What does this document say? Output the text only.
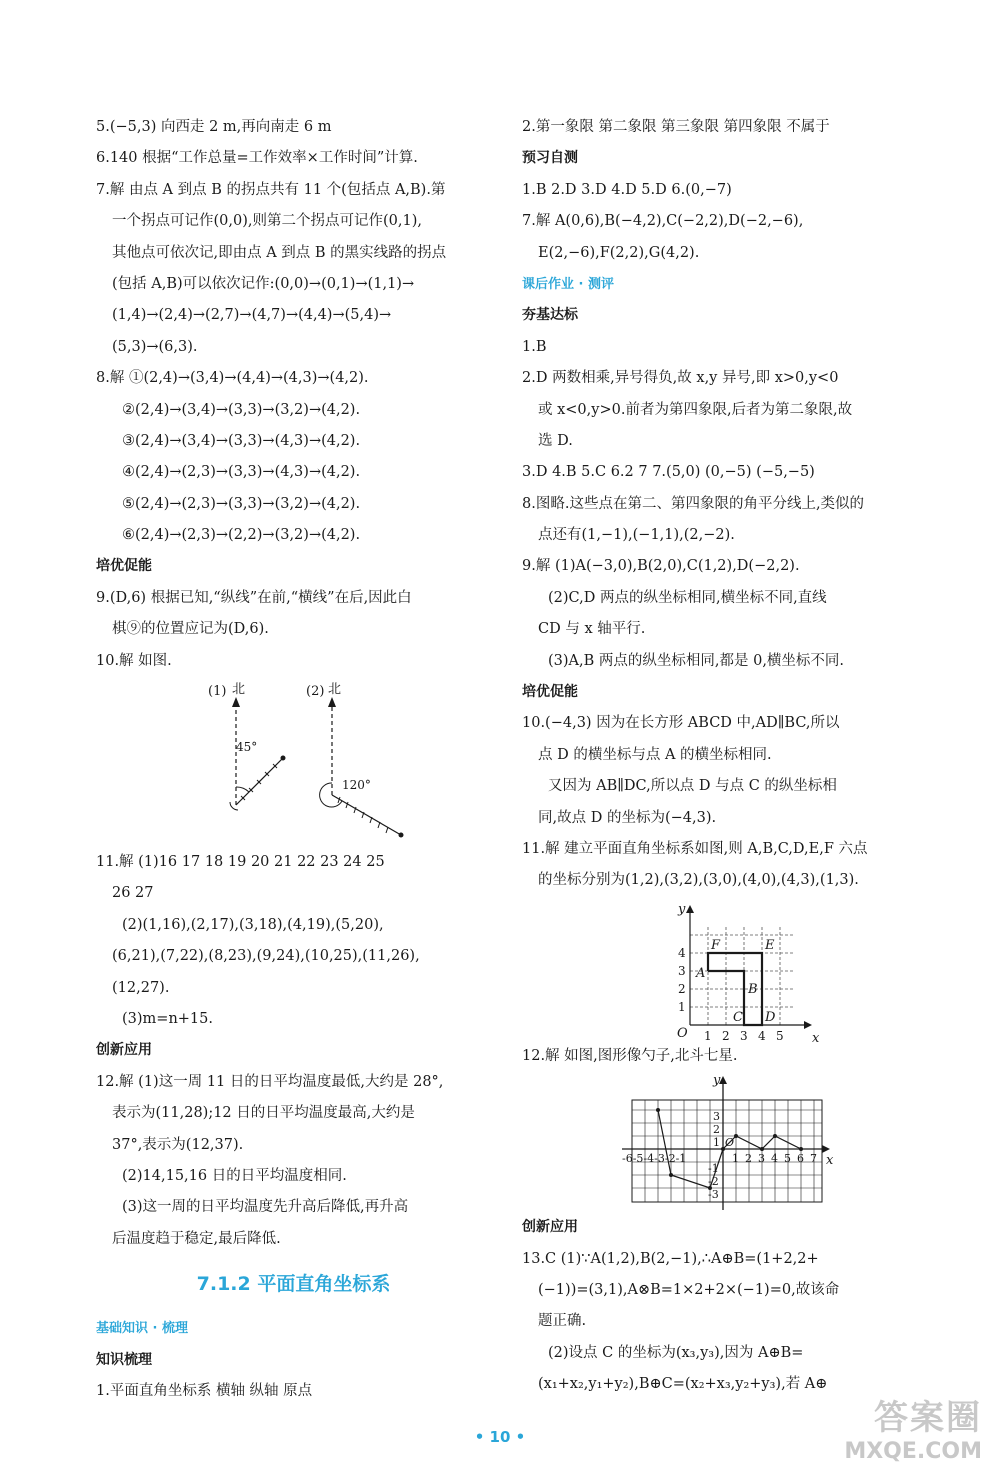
5.(−5,3) 向西走 2 m,再向南走 6 m
6.140 根据“工作总量=工作效率×工作时间”计算.
7.解 由点 A 到点 B 的拐点共有 11 个(包括点 A,B).第
一个拐点可记作(0,0),则第二个拐点可记作(0,1),
其他点可依次记,即由点 A 到点 B 的黑实线路的拐点
(包括 A,B)可以依次记作:(0,0)→(0,1)→(1,1)→
(1,4)→(2,4)→(2,7)→(4,7)→(4,4)→(5,4)→
(5,3)→(6,3).
8.解 ①(2,4)→(3,4)→(4,4)→(4,3)→(4,2).
②(2,4)→(3,4)→(3,3)→(3,2)→(4,2).
③(2,4)→(3,4)→(3,3)→(4,3)→(4,2).
④(2,4)→(2,3)→(3,3)→(4,3)→(4,2).
⑤(2,4)→(2,3)→(3,3)→(3,2)→(4,2).
⑥(2,4)→(2,3)→(2,2)→(3,2)→(4,2).
培优促能
9.(D,6) 根据已知,“纵线”在前,“横线”在后,因此白
棋⑨的位置应记为(D,6).
10.解 如图.
(1) 北
45°
(2) 北
120°
11.解 (1)16 17 18 19 20 21 22 23 24 25
26 27
(2)(1,16),(2,17),(3,18),(4,19),(5,20),
(6,21),(7,22),(8,23),(9,24),(10,25),(11,26),
(12,27).
(3)m=n+15.
创新应用
12.解 (1)这一周 11 日的日平均温度最低,大约是 28°,
表示为(11,28);12 日的日平均温度最高,大约是
37°,表示为(12,37).
(2)14,15,16 日的日平均温度相同.
(3)这一周的日平均温度先升高后降低,再升高
后温度趋于稳定,最后降低.
7.1.2 平面直角坐标系
基础知识 · 梳理
知识梳理
1.平面直角坐标系 横轴 纵轴 原点
2.第一象限 第二象限 第三象限 第四象限 不属于
预习自测
1.B 2.D 3.D 4.D 5.D 6.(0,−7)
7.解 A(0,6),B(−4,2),C(−2,2),D(−2,−6),
E(2,−6),F(2,2),G(4,2).
课后作业 · 测评
夯基达标
1.B
2.D 两数相乘,异号得负,故 x,y 异号,即 x>0,y<0
或 x<0,y>0.前者为第四象限,后者为第二象限,故
选 D.
3.D 4.B 5.C 6.2 7 7.(5,0) (0,−5) (−5,−5)
8.图略.这些点在第二、第四象限的角平分线上,类似的
点还有(1,−1),(−1,1),(2,−2).
9.解 (1)A(−3,0),B(2,0),C(1,2),D(−2,2).
(2)C,D 两点的纵坐标相同,横坐标不同,直线
CD 与 x 轴平行.
(3)A,B 两点的纵坐标相同,都是 0,横坐标不同.
培优促能
10.(−4,3) 因为在长方形 ABCD 中,AD∥BC,所以
点 D 的横坐标与点 A 的横坐标相同.
又因为 AB∥DC,所以点 D 与点 C 的纵坐标相
同,故点 D 的坐标为(−4,3).
11.解 建立平面直角坐标系如图,则 A,B,C,D,E,F 六点
的坐标分别为(1,2),(3,2),(3,0),(4,0),(4,3),(1,3).
y
x
O
A
B
C D
E
F
1
2
3
4
1 2 3 4 5
12.解 如图,图形像勺子,北斗七星.
y
x
O
-6-5-4-3-2-1	1 2 3 4 5 6 7
1
2
3
-1
-2
-3
创新应用
13.C (1)∵A(1,2),B(2,−1),∴A⊕B=(1+2,2+
(−1))=(3,1),A⊗B=1×2+2×(−1)=0,故该命
题正确.
(2)设点 C 的坐标为(x₃,y₃),因为 A⊕B=
(x₁+x₂,y₁+y₂),B⊕C=(x₂+x₃,y₂+y₃),若 A⊕
• 10 •	答案圈
MXQE.COM
